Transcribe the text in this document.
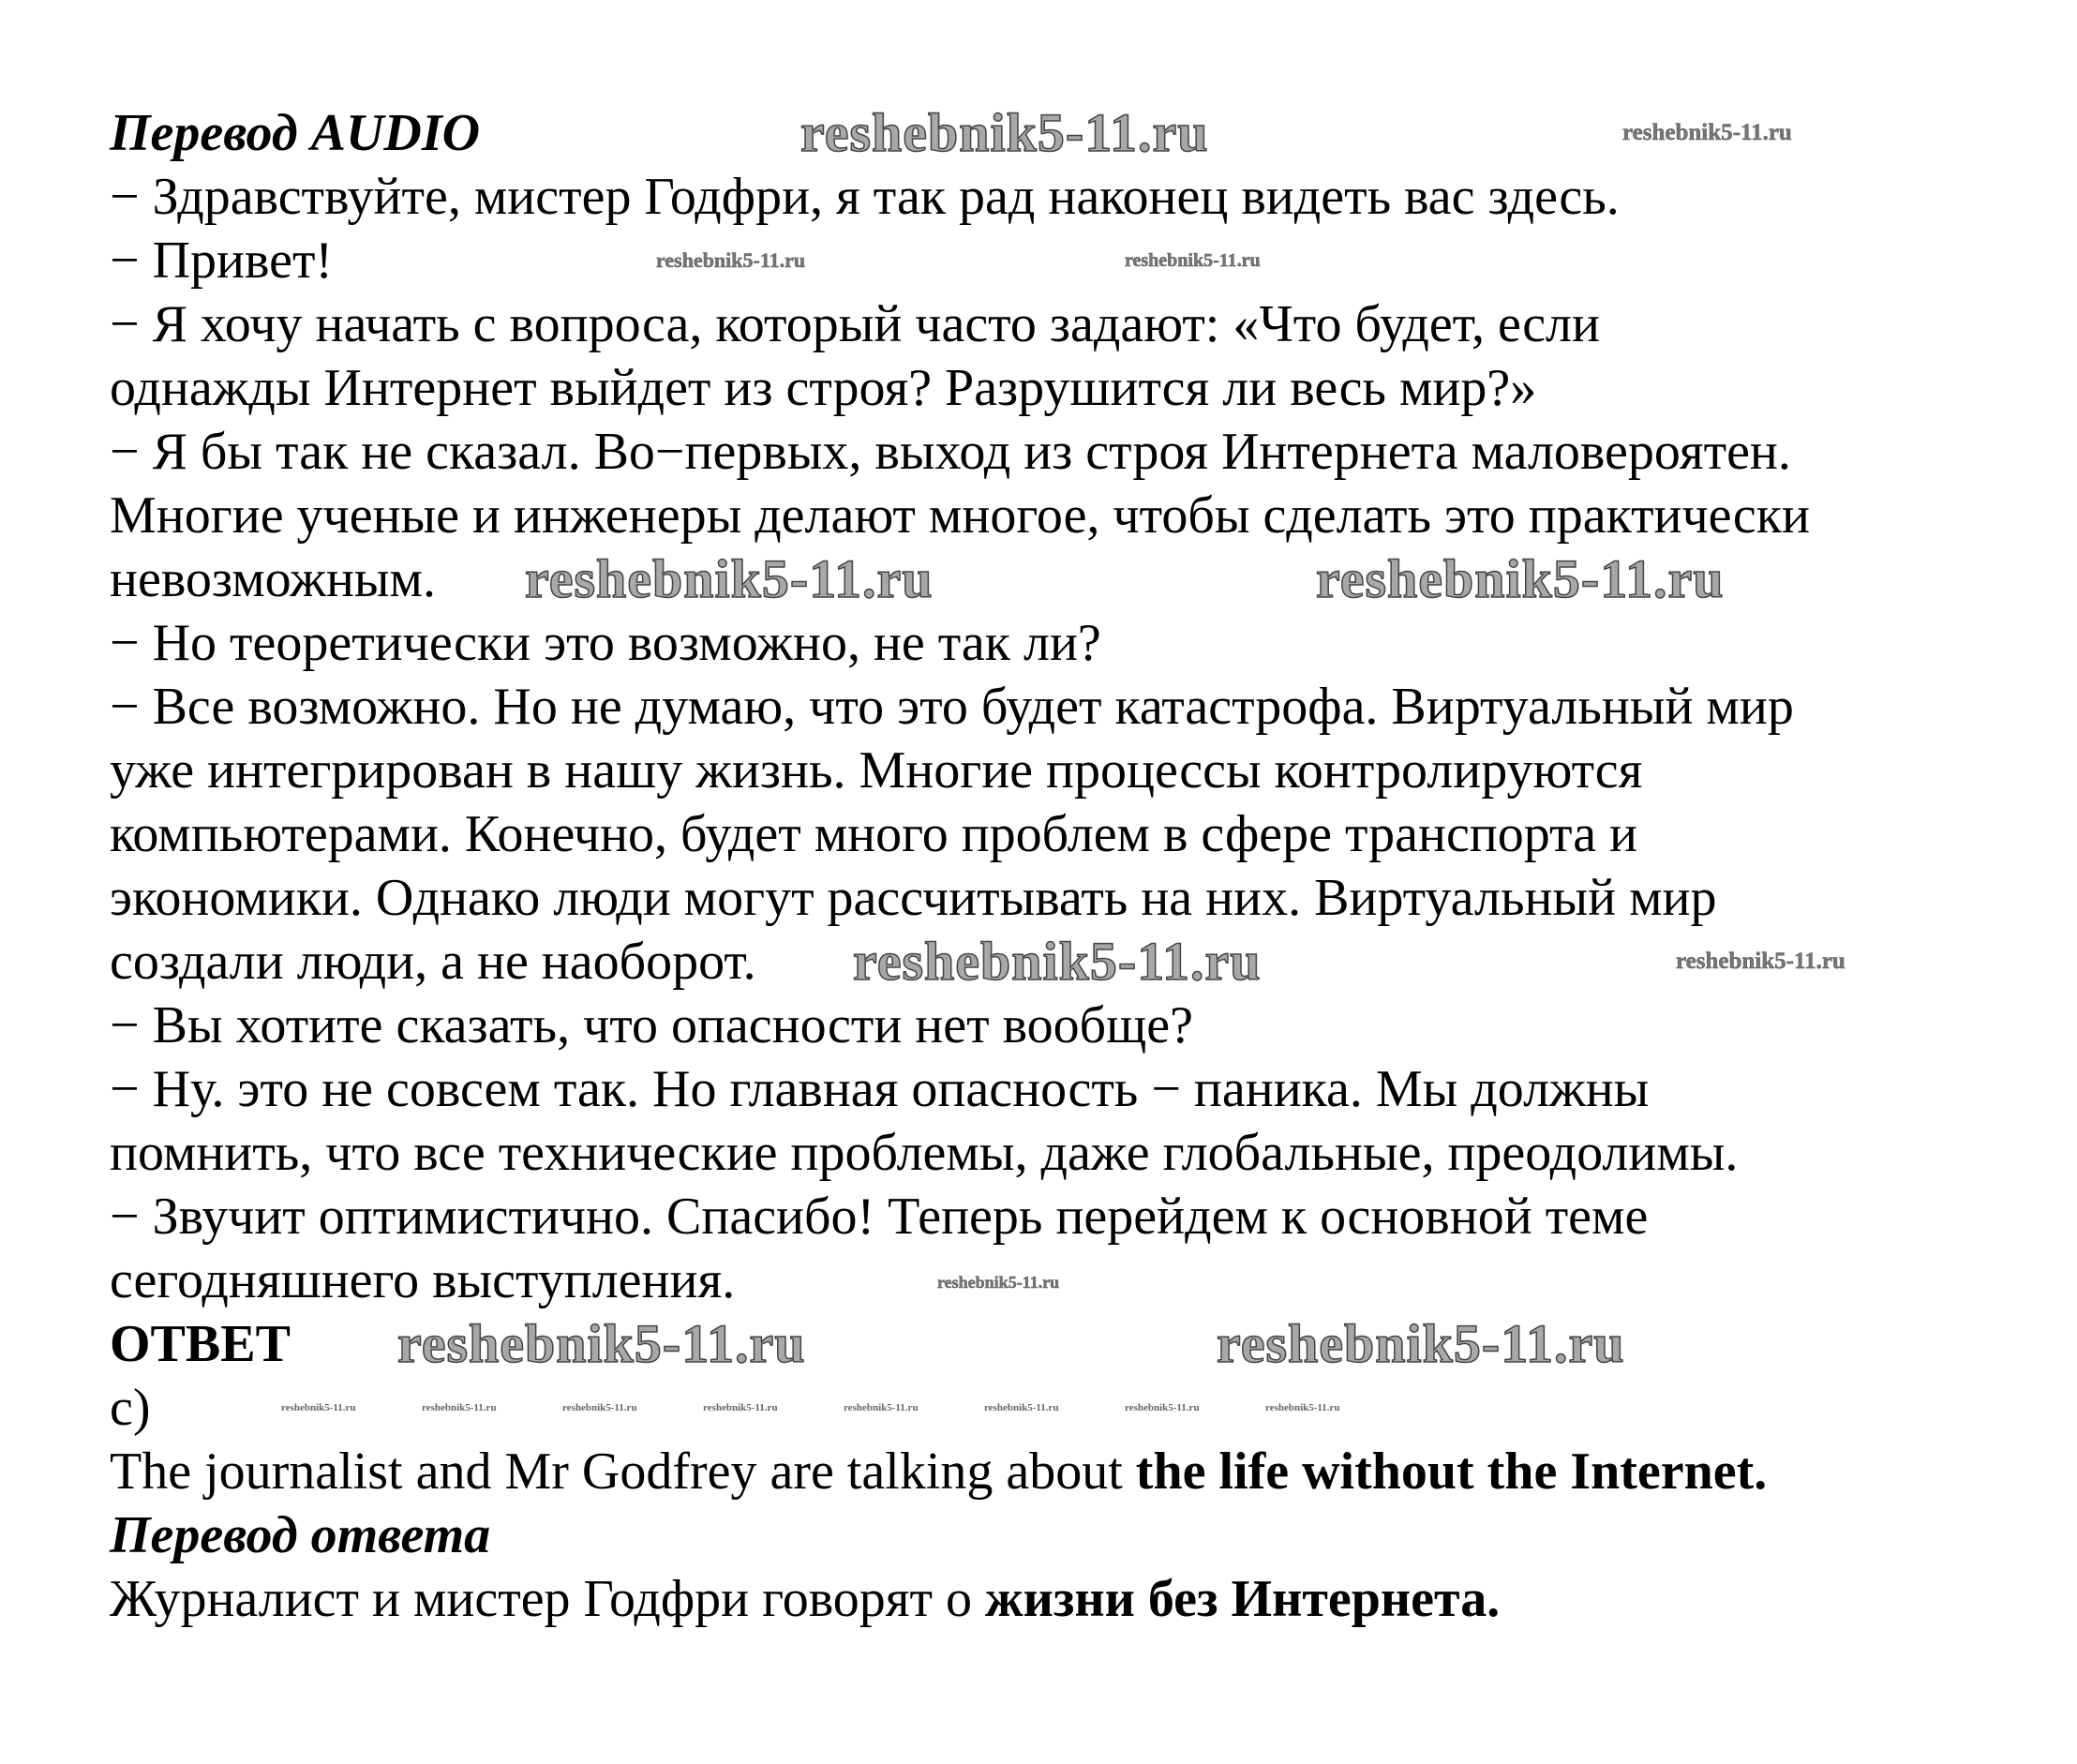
Перевод AUDIO
− Здравствуйте, мистер Годфри, я так рад наконец видеть вас здесь.
− Привет!
− Я хочу начать с вопроса, который часто задают: «Что будет, если
однажды Интернет выйдет из строя? Разрушится ли весь мир?»
− Я бы так не сказал. Во−первых, выход из строя Интернета маловероятен.
Многие ученые и инженеры делают многое, чтобы сделать это практически
невозможным.
− Но теоретически это возможно, не так ли?
− Все возможно. Но не думаю, что это будет катастрофа. Виртуальный мир
уже интегрирован в нашу жизнь. Многие процессы контролируются
компьютерами. Конечно, будет много проблем в сфере транспорта и
экономики. Однако люди могут рассчитывать на них. Виртуальный мир
создали люди, а не наоборот.
− Вы хотите сказать, что опасности нет вообще?
− Ну. это не совсем так. Но главная опасность − паника. Мы должны
помнить, что все технические проблемы, даже глобальные, преодолимы.
− Звучит оптимистично. Спасибо! Теперь перейдем к основной теме
сегодняшнего выступления.
ОТВЕТ
c)
The journalist and Mr Godfrey are talking about the life without the Internet.
Перевод ответа
Журналист и мистер Годфри говорят о жизни без Интернета.
reshebnik5-11.ru	reshebnik5-11.ru
reshebnik5-11.ru	reshebnik5-11.ru
reshebnik5-11.ru	reshebnik5-11.ru
reshebnik5-11.ru	reshebnik5-11.ru
reshebnik5-11.ru
reshebnik5-11.ru	reshebnik5-11.ru
reshebnik5-11.ru	reshebnik5-11.ru	reshebnik5-11.ru	reshebnik5-11.ru	reshebnik5-11.ru	reshebnik5-11.ru	reshebnik5-11.ru	reshebnik5-11.ru
